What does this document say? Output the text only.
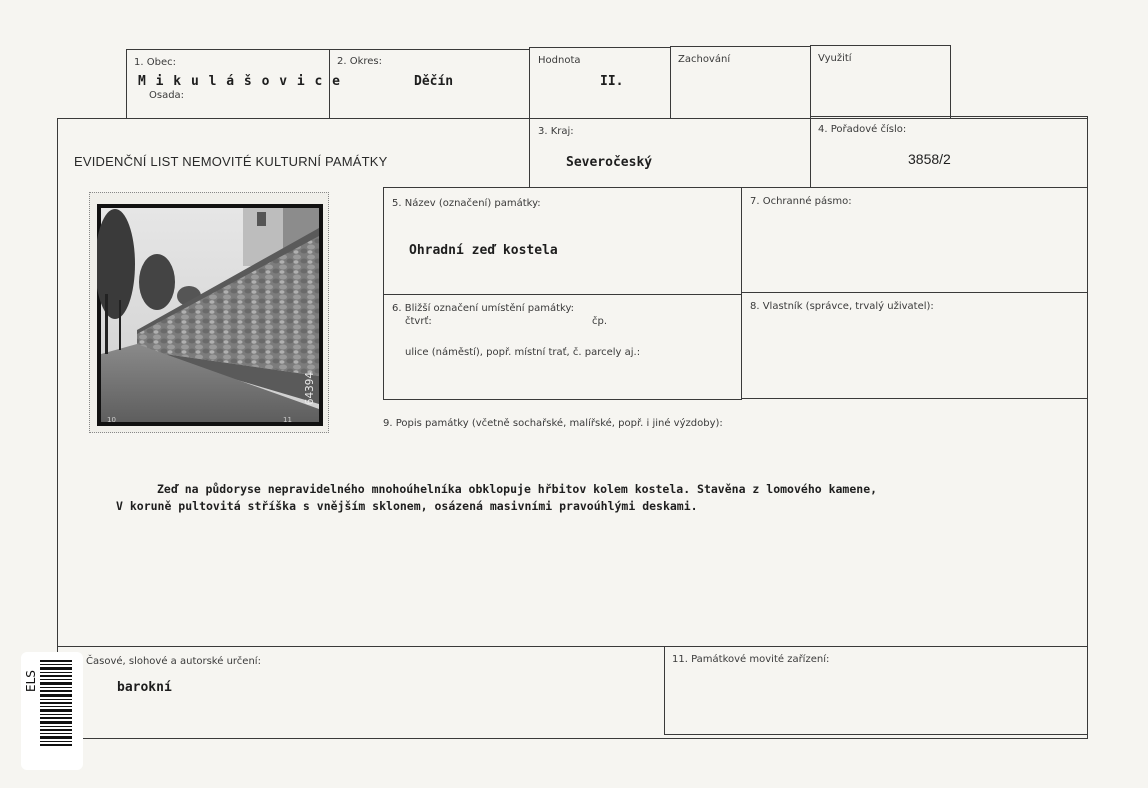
1. Obec:
M i k u l á š o v i c e
Osada:
2. Okres:
Děčín
Hodnota
II.
Zachování	Využití
EVIDENČNÍ LIST NEMOVITÉ KULTURNÍ PAMÁTKY
3. Kraj:
Severočeský
4. Pořadové číslo:
3858/2
64394
10	11
5. Název (označení) památky:
Ohradní zeď kostela
7. Ochranné pásmo:
6. Bližší označení umístění památky:
čtvrť:	čp.
ulice (náměstí), popř. místní trať, č. parcely aj.:
8. Vlastník (správce, trvalý uživatel):
9. Popis památky (včetně sochařské, malířské, popř. i jiné výzdoby):
Zeď na půdoryse nepravidelného mnohoúhelníka obklopuje hřbitov kolem kostela. Stavěna z lomového kamene,
V koruně pultovitá stříška s vnějším sklonem, osázená masivními pravoúhlými deskami.
Časové, slohové a autorské určení:
barokní
11. Památkové movité zařízení:
ELS
